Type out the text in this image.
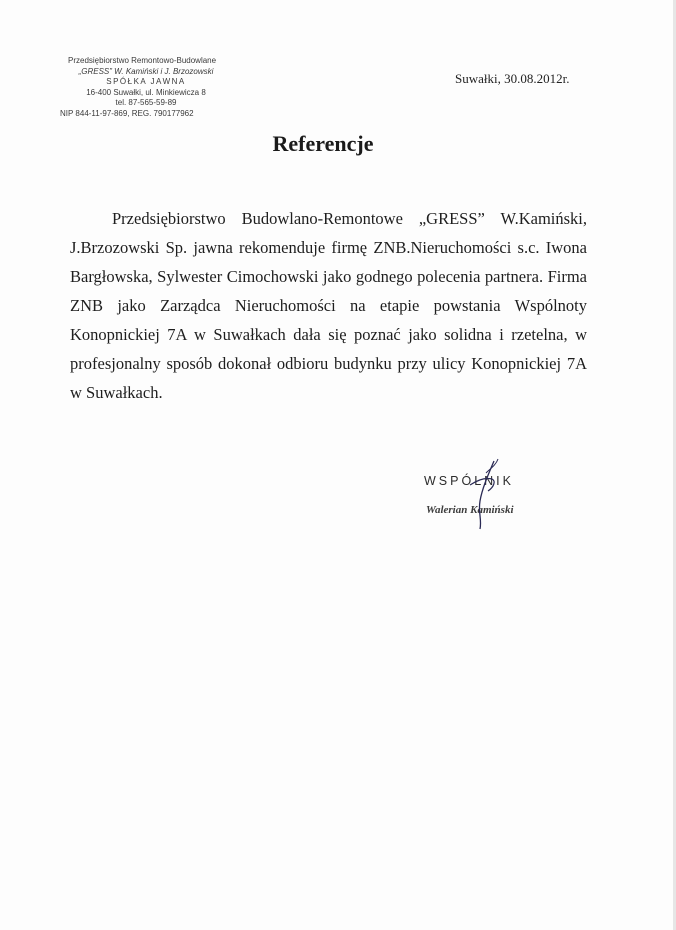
Przedsiębiorstwo Remontowo-Budowlane
„GRESS” W. Kamiński i J. Brzozowski
SPÓŁKA JAWNA
16-400 Suwałki, ul. Minkiewicza 8
tel. 87-565-59-89
NIP 844-11-97-869, REG. 790177962
Suwałki, 30.08.2012r.
Referencje

Przedsiębiorstwo Budowlano-Remontowe „GRESS” W.Kamiński, J.Brzozowski Sp. jawna rekomenduje firmę ZNB.Nieruchomości s.c. Iwona Bargłowska, Sylwester Cimochowski jako godnego polecenia partnera. Firma ZNB jako Zarządca Nieruchomości na etapie powstania Wspólnoty Konopnickiej 7A w Suwałkach dała się poznać jako solidna i rzetelna, w profesjonalny sposób dokonał odbioru budynku przy ulicy Konopnickiej 7A w Suwałkach.

WSPÓLNIK
Walerian Kamiński
